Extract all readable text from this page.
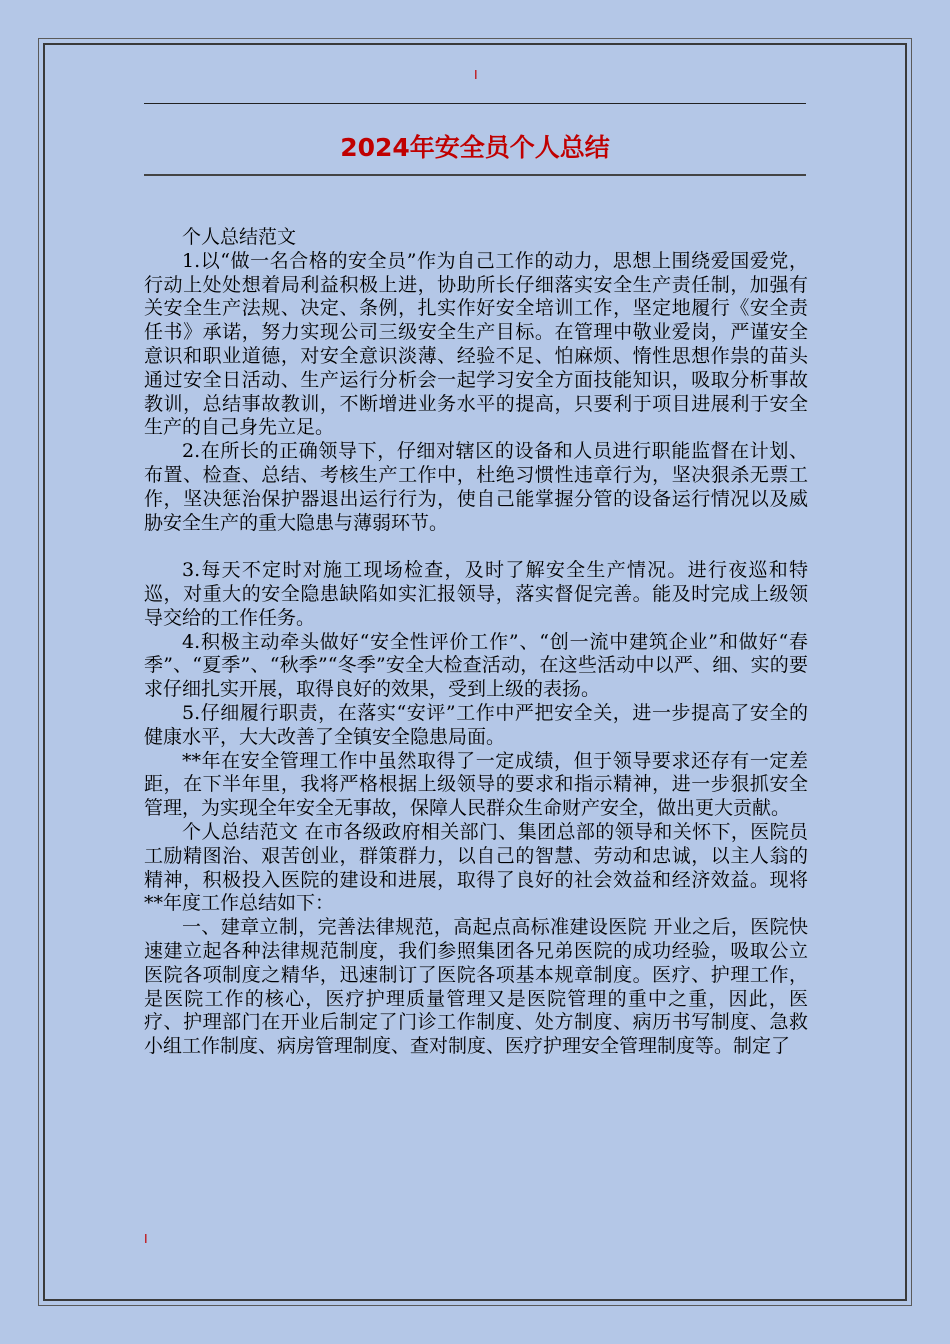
I
2024年安全员个人总结

个人总结范文

1.以“做一名合格的安全员”作为自己工作的动力，思想上围绕爱国爱党，行动上处处想着局利益积极上进，协助所长仔细落实安全生产责任制，加强有关安全生产法规、决定、条例，扎实作好安全培训工作，坚定地履行《安全责任书》承诺，努力实现公司三级安全生产目标。在管理中敬业爱岗，严谨安全意识和职业道德，对安全意识淡薄、经验不足、怕麻烦、惰性思想作祟的苗头通过安全日活动、生产运行分析会一起学习安全方面技能知识，吸取分析事故教训，总结事故教训，不断增进业务水平的提高，只要利于项目进展利于安全生产的自己身先立足。

2.在所长的正确领导下，仔细对辖区的设备和人员进行职能监督在计划、布置、检查、总结、考核生产工作中，杜绝习惯性违章行为，坚决狠杀无票工作，坚决惩治保护器退出运行行为，使自己能掌握分管的设备运行情况以及威胁安全生产的重大隐患与薄弱环节。

3.每天不定时对施工现场检查，及时了解安全生产情况。进行夜巡和特巡，对重大的安全隐患缺陷如实汇报领导，落实督促完善。能及时完成上级领导交给的工作任务。

4.积极主动牵头做好“安全性评价工作”、“创一流中建筑企业”和做好“春季”、“夏季”、“秋季”“冬季”安全大检查活动，在这些活动中以严、细、实的要求仔细扎实开展，取得良好的效果，受到上级的表扬。

5.仔细履行职责，在落实“安评”工作中严把安全关，进一步提高了安全的健康水平，大大改善了全镇安全隐患局面。

**年在安全管理工作中虽然取得了一定成绩，但于领导要求还存有一定差距，在下半年里，我将严格根据上级领导的要求和指示精神，进一步狠抓安全管理，为实现全年安全无事故，保障人民群众生命财产安全，做出更大贡献。

个人总结范文 在市各级政府相关部门、集团总部的领导和关怀下，医院员工励精图治、艰苦创业，群策群力，以自己的智慧、劳动和忠诚，以主人翁的精神，积极投入医院的建设和进展，取得了良好的社会效益和经济效益。现将**年度工作总结如下：

一、建章立制，完善法律规范，高起点高标准建设医院 开业之后，医院快速建立起各种法律规范制度，我们参照集团各兄弟医院的成功经验，吸取公立医院各项制度之精华，迅速制订了医院各项基本规章制度。医疗、护理工作，是医院工作的核心，医疗护理质量管理又是医院管理的重中之重，因此，医疗、护理部门在开业后制定了门诊工作制度、处方制度、病历书写制度、急救小组工作制度、病房管理制度、查对制度、医疗护理安全管理制度等。制定了

I
